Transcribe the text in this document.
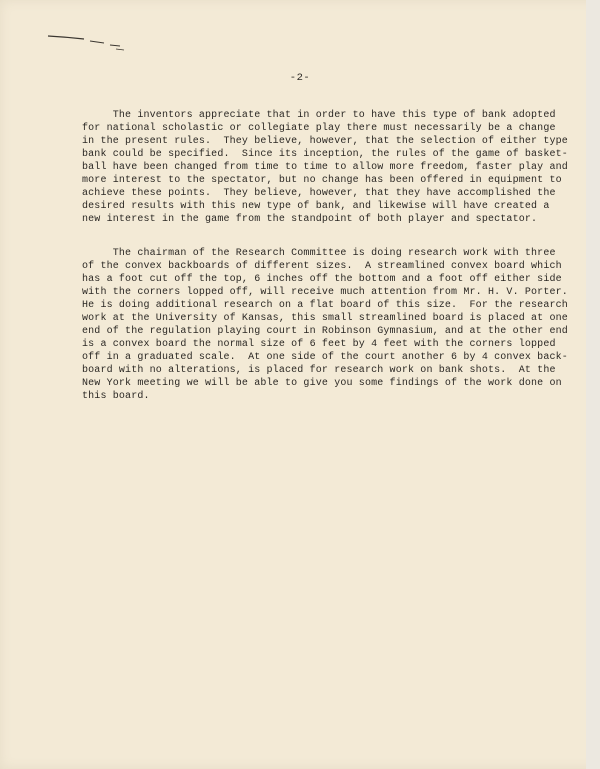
-2-
The inventors appreciate that in order to have this type of bank adopted
for national scholastic or collegiate play there must necessarily be a change
in the present rules.  They believe, however, that the selection of either type
bank could be specified.  Since its inception, the rules of the game of basket-
ball have been changed from time to time to allow more freedom, faster play and
more interest to the spectator, but no change has been offered in equipment to
achieve these points.  They believe, however, that they have accomplished the
desired results with this new type of bank, and likewise will have created a
new interest in the game from the standpoint of both player and spectator.
The chairman of the Research Committee is doing research work with three
of the convex backboards of different sizes.  A streamlined convex board which
has a foot cut off the top, 6 inches off the bottom and a foot off either side
with the corners lopped off, will receive much attention from Mr. H. V. Porter.
He is doing additional research on a flat board of this size.  For the research
work at the University of Kansas, this small streamlined board is placed at one
end of the regulation playing court in Robinson Gymnasium, and at the other end
is a convex board the normal size of 6 feet by 4 feet with the corners lopped
off in a graduated scale.  At one side of the court another 6 by 4 convex back-
board with no alterations, is placed for research work on bank shots.  At the
New York meeting we will be able to give you some findings of the work done on
this board.
